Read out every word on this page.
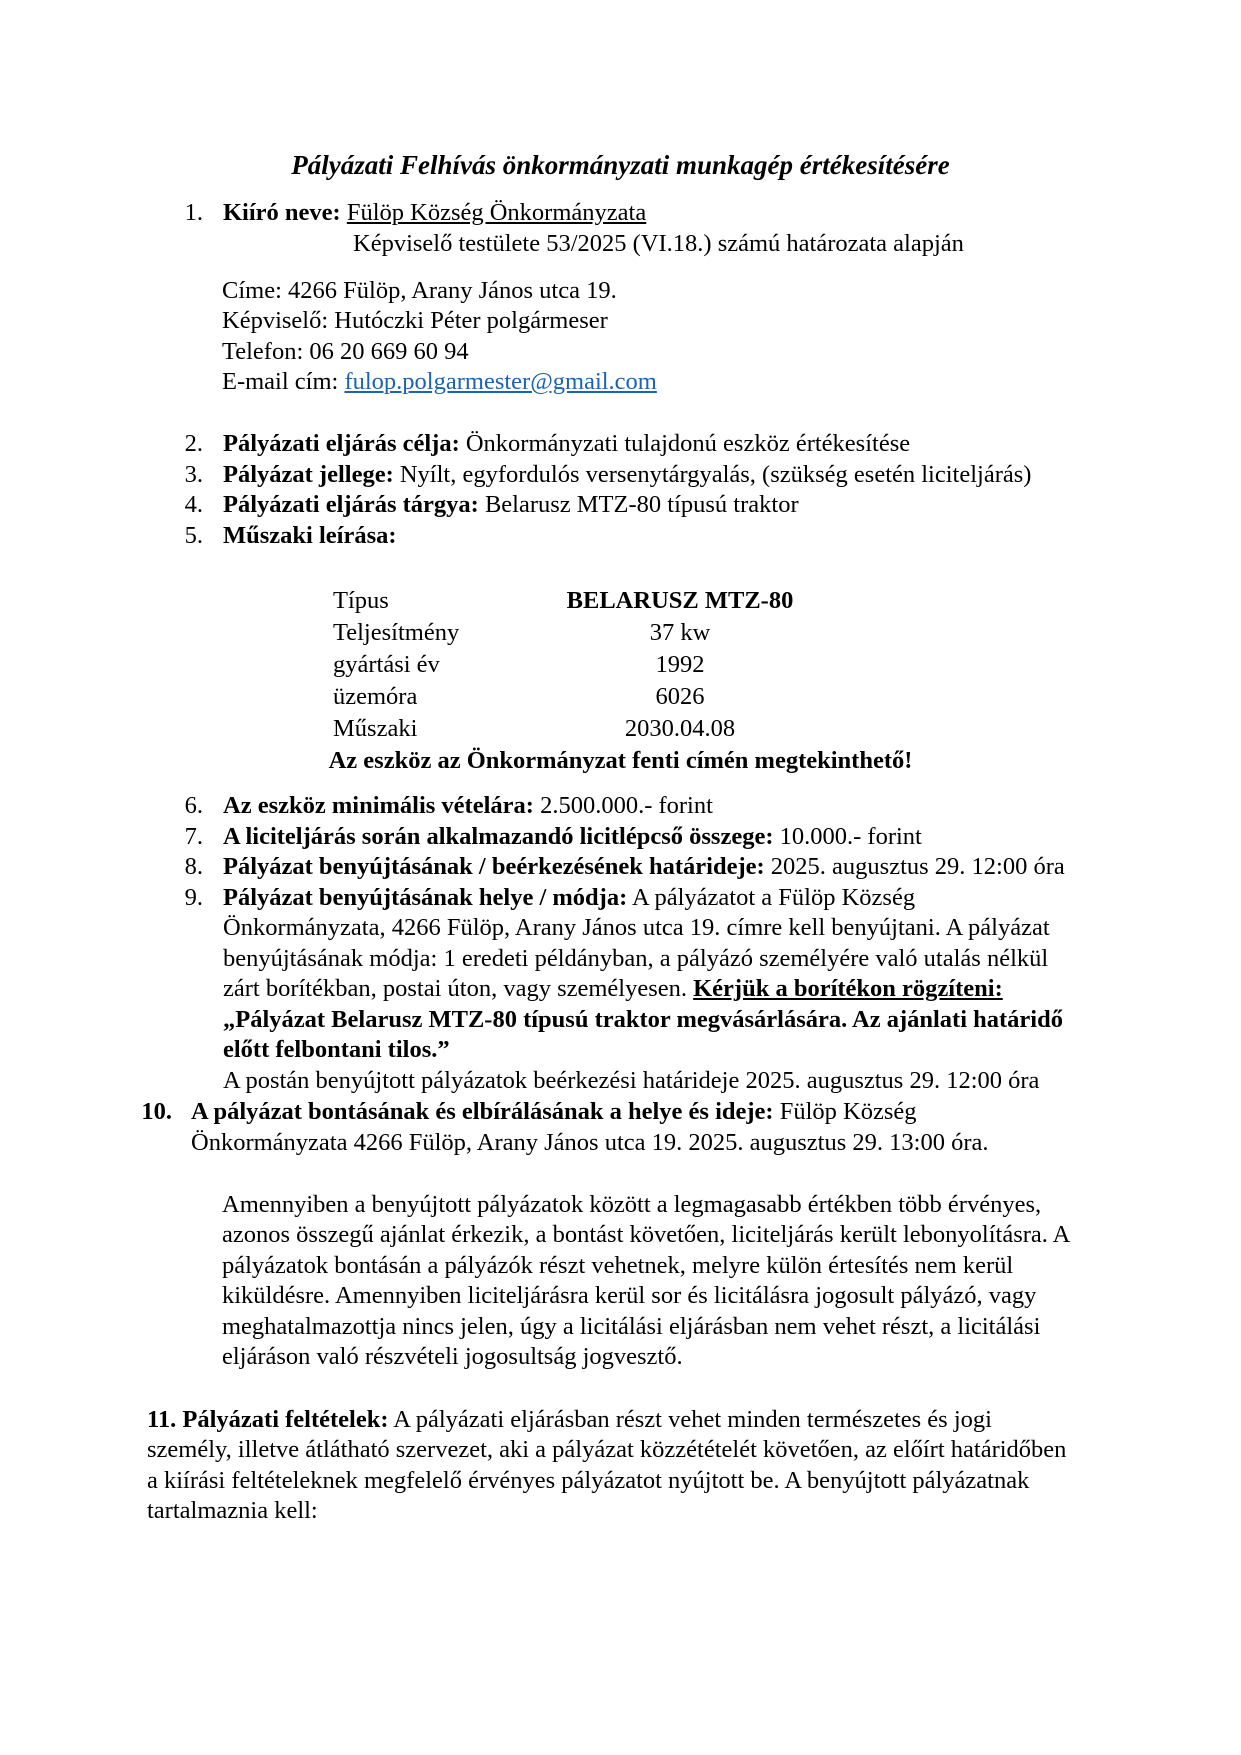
Pályázati Felhívás önkormányzati munkagép értékesítésére
1. Kiíró neve: Fülöp Község Önkormányzata
Képviselő testülete 53/2025 (VI.18.) számú határozata alapján
Címe: 4266 Fülöp, Arany János utca 19.
Képviselő: Hutóczki Péter polgármeser
Telefon: 06 20 669 60 94
E-mail cím: fulop.polgarmester@gmail.com
2. Pályázati eljárás célja: Önkormányzati tulajdonú eszköz értékesítése
3. Pályázat jellege: Nyílt, egyfordulós versenytárgyalás, (szükség esetén liciteljárás)
4. Pályázati eljárás tárgya: Belarusz MTZ-80 típusú traktor
5. Műszaki leírása:
Típus	BELARUSZ MTZ-80
Teljesítmény	37 kw
gyártási év	1992
üzemóra	6026
Műszaki	2030.04.08
Az eszköz az Önkormányzat fenti címén megtekinthető!
6. Az eszköz minimális vételára: 2.500.000.- forint
7. A liciteljárás során alkalmazandó licitlépcső összege: 10.000.- forint
8. Pályázat benyújtásának / beérkezésének határideje: 2025. augusztus 29. 12:00 óra
9. Pályázat benyújtásának helye / módja: A pályázatot a Fülöp Község
Önkormányzata, 4266 Fülöp, Arany János utca 19. címre kell benyújtani. A pályázat
benyújtásának módja: 1 eredeti példányban, a pályázó személyére való utalás nélkül
zárt borítékban, postai úton, vagy személyesen. Kérjük a borítékon rögzíteni:
„Pályázat Belarusz MTZ-80 típusú traktor megvásárlására. Az ajánlati határidő
előtt felbontani tilos.”
A postán benyújtott pályázatok beérkezési határideje 2025. augusztus 29. 12:00 óra
10. A pályázat bontásának és elbírálásának a helye és ideje: Fülöp Község
Önkormányzata 4266 Fülöp, Arany János utca 19. 2025. augusztus 29. 13:00 óra.
Amennyiben a benyújtott pályázatok között a legmagasabb értékben több érvényes,
azonos összegű ajánlat érkezik, a bontást követően, liciteljárás került lebonyolításra. A
pályázatok bontásán a pályázók részt vehetnek, melyre külön értesítés nem kerül
kiküldésre. Amennyiben liciteljárásra kerül sor és licitálásra jogosult pályázó, vagy
meghatalmazottja nincs jelen, úgy a licitálási eljárásban nem vehet részt, a licitálási
eljáráson való részvételi jogosultság jogvesztő.
11. Pályázati feltételek: A pályázati eljárásban részt vehet minden természetes és jogi
személy, illetve átlátható szervezet, aki a pályázat közzétételét követően, az előírt határidőben
a kiírási feltételeknek megfelelő érvényes pályázatot nyújtott be. A benyújtott pályázatnak
tartalmaznia kell:
